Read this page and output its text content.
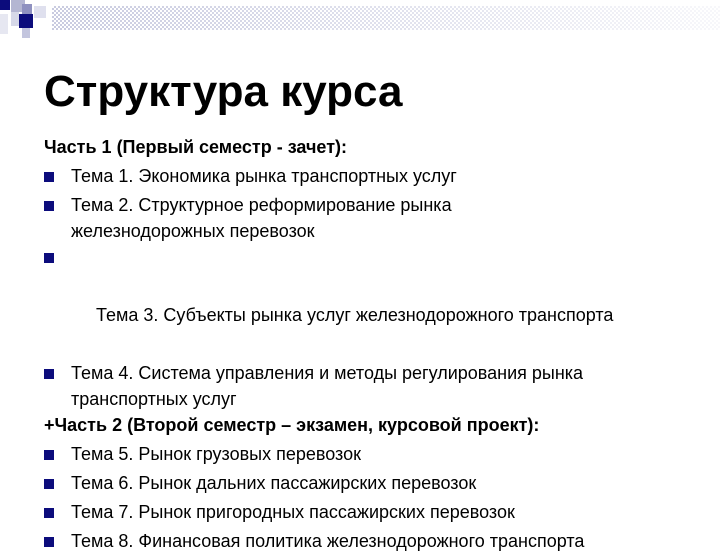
Структура курса
Часть 1 (Первый семестр - зачет):
Тема 1. Экономика рынка транспортных услуг
Тема 2. Структурное реформирование рынка
железнодорожных перевозок

Тема 3. Субъекты рынка услуг железнодорожного транспорта

Тема 4. Система управления и методы регулирования рынка
транспортных услуг
+Часть 2 (Второй семестр – экзамен, курсовой проект):
Тема 5. Рынок грузовых перевозок
Тема 6. Рынок дальних пассажирских перевозок
Тема 7. Рынок пригородных пассажирских перевозок
Тема 8. Финансовая политика железнодорожного транспорта
